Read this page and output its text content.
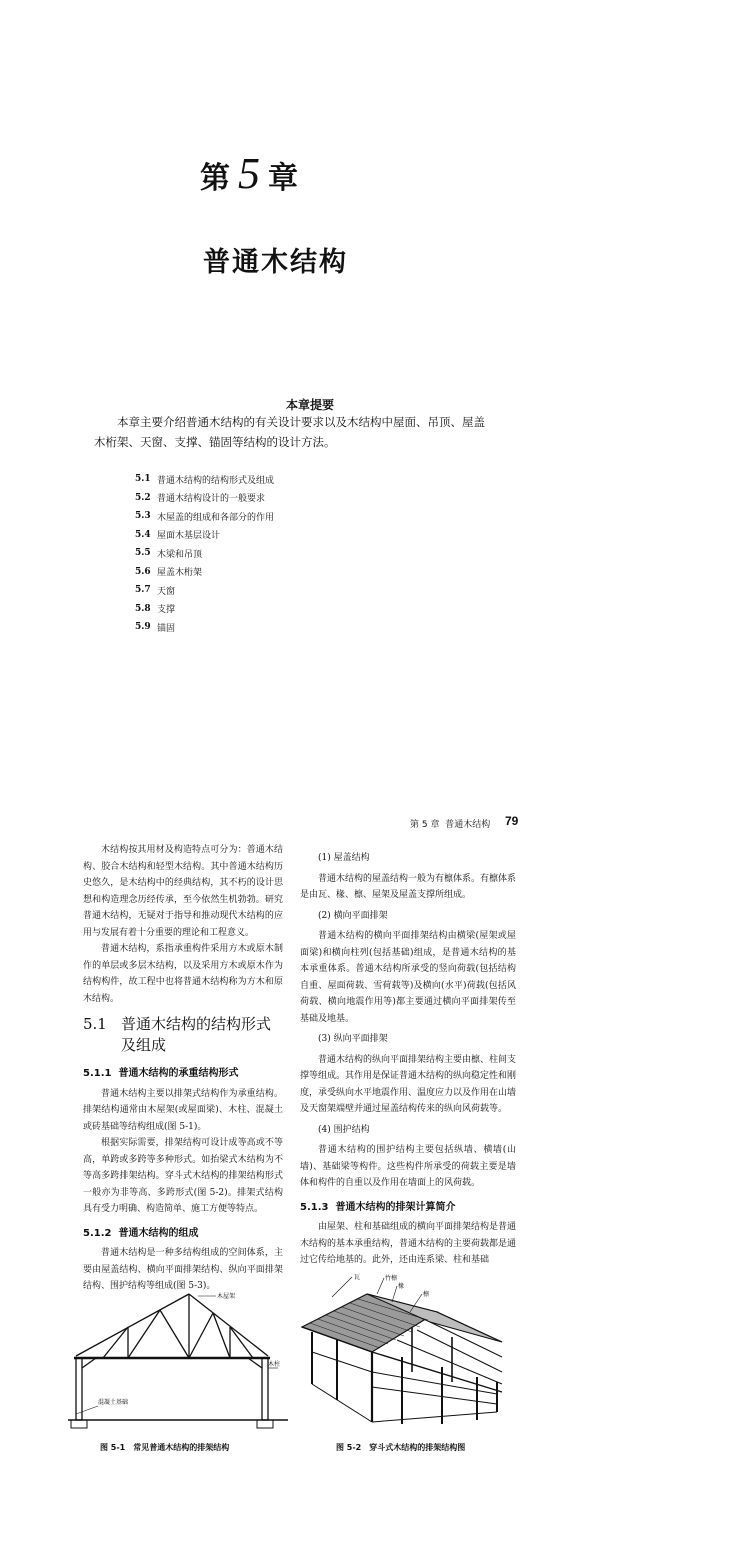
第5 章
普通木结构
本章提要
本章主要介绍普通木结构的有关设计要求以及木结构中屋面、吊顶、屋盖木桁架、天窗、支撑、锚固等结构的设计方法。
5.1 普通木结构的结构形式及组成
5.2 普通木结构设计的一般要求
5.3 木屋盖的组成和各部分的作用
5.4 屋面木基层设计
5.5 木梁和吊顶
5.6 屋盖木桁架
5.7 天窗
5.8 支撑
5.9 锚固
第 5 章 普通木结构 79

木结构按其用材及构造特点可分为：普通木结构、胶合木结构和轻型木结构。其中普通木结构历史悠久，是木结构中的经典结构，其不朽的设计思想和构造理念历经传承，至今依然生机勃勃。研究普通木结构，无疑对于指导和推动现代木结构的应用与发展有着十分重要的理论和工程意义。

普通木结构，系指承重构件采用方木或原木制作的单层或多层木结构，以及采用方木或原木作为结构构件，故工程中也将普通木结构称为方木和原木结构。

5.1 普通木结构的结构形式及组成
5.1.1 普通木结构的承重结构形式

普通木结构主要以排架式结构作为承重结构。排架结构通常由木屋架(或屋面梁)、木柱、混凝土或砖基础等结构组成(图 5-1)。

根据实际需要，排架结构可设计成等高或不等高，单跨或多跨等多种形式。如抬梁式木结构为不等高多跨排架结构。穿斗式木结构的排架结构形式一般亦为非等高、多跨形式(图 5-2)。排架式结构具有受力明确、构造简单、施工方便等特点。

5.1.2 普通木结构的组成

普通木结构是一种多结构组成的空间体系，主要由屋盖结构、横向平面排架结构、纵向平面排架结构、围护结构等组成(图 5-3)。

(1) 屋盖结构

普通木结构的屋盖结构一般为有檩体系。有檩体系是由瓦、椽、檩、屋架及屋盖支撑所组成。

(2) 横向平面排架

普通木结构的横向平面排架结构由横梁(屋架或屋面梁)和横向柱列(包括基础)组成，是普通木结构的基本承重体系。普通木结构所承受的竖向荷载(包括结构自重、屋面荷载、雪荷载等)及横向(水平)荷载(包括风荷载、横向地震作用等)都主要通过横向平面排架传至基础及地基。

(3) 纵向平面排架

普通木结构的纵向平面排架结构主要由檩、柱间支撑等组成。其作用是保证普通木结构的纵向稳定性和刚度，承受纵向水平地震作用、温度应力以及作用在山墙及天窗架端壁并通过屋盖结构传来的纵向风荷载等。

(4) 围护结构

普通木结构的围护结构主要包括纵墙、横墙(山墙)、基础梁等构件。这些构件所承受的荷载主要是墙体和构件的自重以及作用在墙面上的风荷载。

5.1.3 普通木结构的排架计算简介

由屋架、柱和基础组成的横向平面排架结构是普通木结构的基本承重结构，普通木结构的主要荷载都是通过它传给地基的。此外，还由连系梁、柱和基础

木屋架
木柱
混凝土基础
图 5-1　常见普通木结构的排架结构
瓦	竹檩
椽
檩
图 5-2　穿斗式木结构的排架结构图
